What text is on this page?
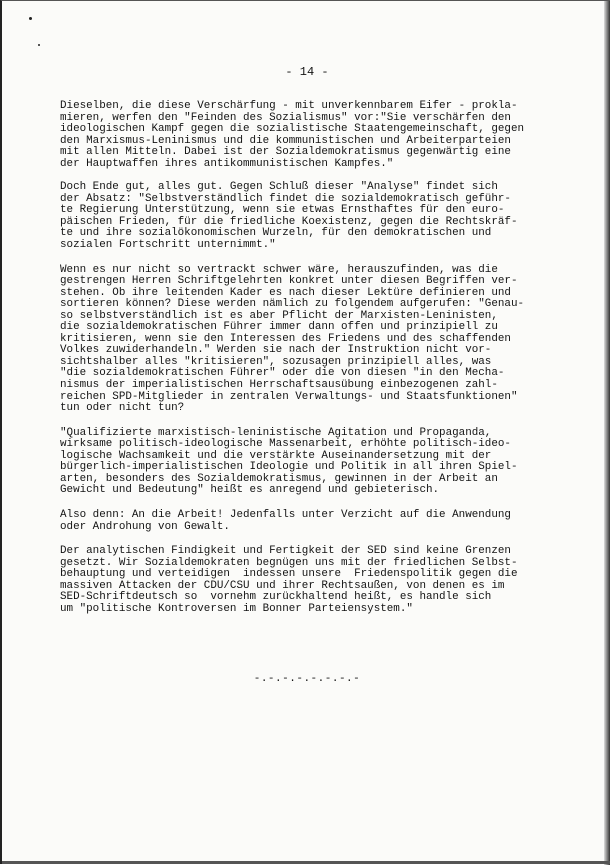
- 14 -

Dieselben, die diese Verschärfung - mit unverkennbarem Eifer - prokla-
mieren, werfen den "Feinden des Sozialismus" vor:"Sie verschärfen den
ideologischen Kampf gegen die sozialistische Staatengemeinschaft, gegen
den Marxismus-Leninismus und die kommunistischen und Arbeiterparteien
mit allen Mitteln. Dabei ist der Sozialdemokratismus gegenwärtig eine
der Hauptwaffen ihres antikommunistischen Kampfes."

Doch Ende gut, alles gut. Gegen Schluß dieser "Analyse" findet sich
der Absatz: "Selbstverständlich findet die sozialdemokratisch geführ-
te Regierung Unterstützung, wenn sie etwas Ernsthaftes für den euro-
päischen Frieden, für die friedliche Koexistenz, gegen die Rechtskräf-
te und ihre sozialökonomischen Wurzeln, für den demokratischen und
sozialen Fortschritt unternimmt."

Wenn es nur nicht so vertrackt schwer wäre, herauszufinden, was die
gestrengen Herren Schriftgelehrten konkret unter diesen Begriffen ver-
stehen. Ob ihre leitenden Kader es nach dieser Lektüre definieren und
sortieren können? Diese werden nämlich zu folgendem aufgerufen: "Genau-
so selbstverständlich ist es aber Pflicht der Marxisten-Leninisten,
die sozialdemokratischen Führer immer dann offen und prinzipiell zu
kritisieren, wenn sie den Interessen des Friedens und des schaffenden
Volkes zuwiderhandeln." Werden sie nach der Instruktion nicht vor-
sichtshalber alles "kritisieren", sozusagen prinzipiell alles, was
"die sozialdemokratischen Führer" oder die von diesen "in den Mecha-
nismus der imperialistischen Herrschaftsausübung einbezogenen zahl-
reichen SPD-Mitglieder in zentralen Verwaltungs- und Staatsfunktionen"
tun oder nicht tun?

"Qualifizierte marxistisch-leninistische Agitation und Propaganda,
wirksame politisch-ideologische Massenarbeit, erhöhte politisch-ideo-
logische Wachsamkeit und die verstärkte Auseinandersetzung mit der
bürgerlich-imperialistischen Ideologie und Politik in all ihren Spiel-
arten, besonders des Sozialdemokratismus, gewinnen in der Arbeit an
Gewicht und Bedeutung" heißt es anregend und gebieterisch.

Also denn: An die Arbeit! Jedenfalls unter Verzicht auf die Anwendung
oder Androhung von Gewalt.

Der analytischen Findigkeit und Fertigkeit der SED sind keine Grenzen
gesetzt. Wir Sozialdemokraten begnügen uns mit der friedlichen Selbst-
behauptung und verteidigen  indessen unsere  Friedenspolitik gegen die
massiven Attacken der CDU/CSU und ihrer Rechtsaußen, von denen es im
SED-Schriftdeutsch so  vornehm zurückhaltend heißt, es handle sich
um "politische Kontroversen im Bonner Parteiensystem."

-.-.-.-.-.-.-.-
